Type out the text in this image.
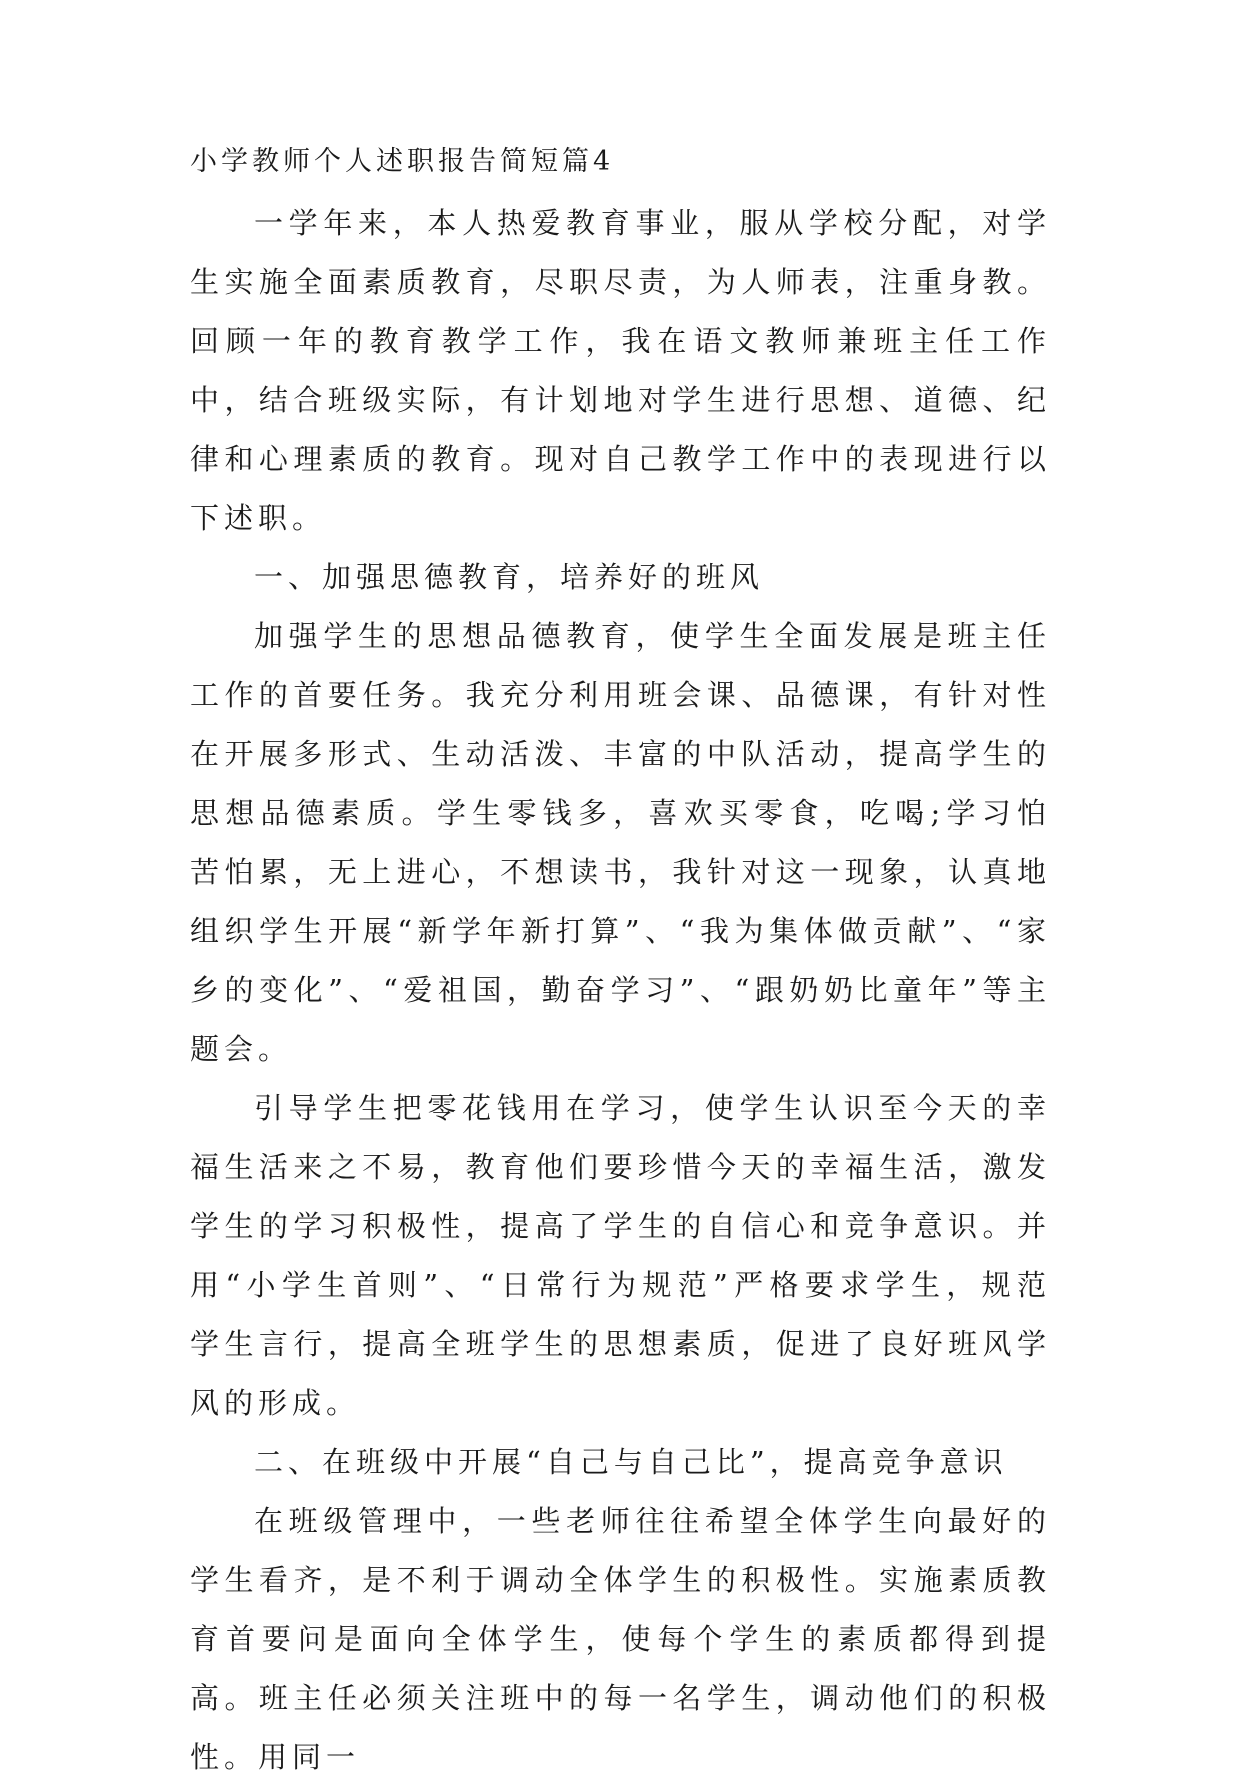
小学教师个人述职报告简短篇4

一学年来，本人热爱教育事业，服从学校分配，对学生实施全面素质教育，尽职尽责，为人师表，注重身教。回顾一年的教育教学工作，我在语文教师兼班主任工作中，结合班级实际，有计划地对学生进行思想、道德、纪律和心理素质的教育。现对自己教学工作中的表现进行以下述职。

一、加强思德教育，培养好的班风

加强学生的思想品德教育，使学生全面发展是班主任工作的首要任务。我充分利用班会课、品德课，有针对性在开展多形式、生动活泼、丰富的中队活动，提高学生的思想品德素质。学生零钱多，喜欢买零食，吃喝;学习怕苦怕累，无上进心，不想读书，我针对这一现象，认真地组织学生开展“新学年新打算”、“我为集体做贡献”、“家乡的变化”、“爱祖国，勤奋学习”、“跟奶奶比童年”等主题会。

引导学生把零花钱用在学习，使学生认识至今天的幸福生活来之不易，教育他们要珍惜今天的幸福生活，激发学生的学习积极性，提高了学生的自信心和竞争意识。并用“小学生首则”、“日常行为规范”严格要求学生，规范学生言行，提高全班学生的思想素质，促进了良好班风学风的形成。

二、在班级中开展“自己与自己比”，提高竞争意识

在班级管理中，一些老师往往希望全体学生向最好的学生看齐，是不利于调动全体学生的积极性。实施素质教育首要问是面向全体学生，使每个学生的素质都得到提高。班主任必须关注班中的每一名学生，调动他们的积极性。用同一
